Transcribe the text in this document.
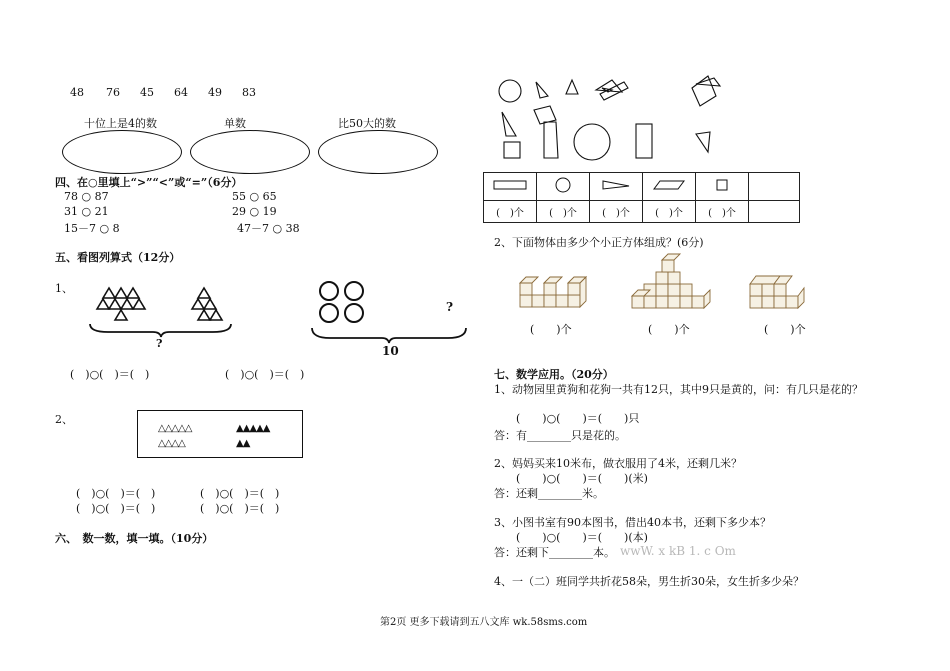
48 76 45 64 49 83
十位上是4的数	单数	比50大的数
四、在○里填上“>”“<”或“=”（6分）
78 ○ 87	55 ○ 65
31 ○ 21	29 ○ 19
15－7 ○ 8	47－7 ○ 38
五、看图列算式（12分）
1、
?
?
10
(　)○(　)＝(　)	(　)○(　)＝(　)
2、
△△△△△
△△△△
▲▲▲▲▲
▲▲
(　)○(　)＝(　)	(　)○(　)＝(　)
(　)○(　)＝(　)	(　)○(　)＝(　)
六、　数一数，填一填。（10分）

(　)个	(　)个	(　)个	(　)个	(　)个	
2、下面物体由多少个小正方体组成？(6分)
(　　)个	(　　)个	(　　)个
七、数学应用。（20分）
1、动物园里黄狗和花狗一共有12只，其中9只是黄的，问：有几只是花的？
(　　)○(　　)＝(　　)只
答：有________只是花的。
2、妈妈买来10米布，做衣服用了4米，还剩几米？
(　　)○(　　)＝(　　)(米)
答：还剩________米。
3、小图书室有90本图书，借出40本书，还剩下多少本？
(　　)○(　　)＝(　　)(本)
答：还剩下________本。 wwW. x kB 1. c Om
4、一（二）班同学共折花58朵，男生折30朵，女生折多少朵？
第2页 更多下载请到五八文库 wk.58sms.com
